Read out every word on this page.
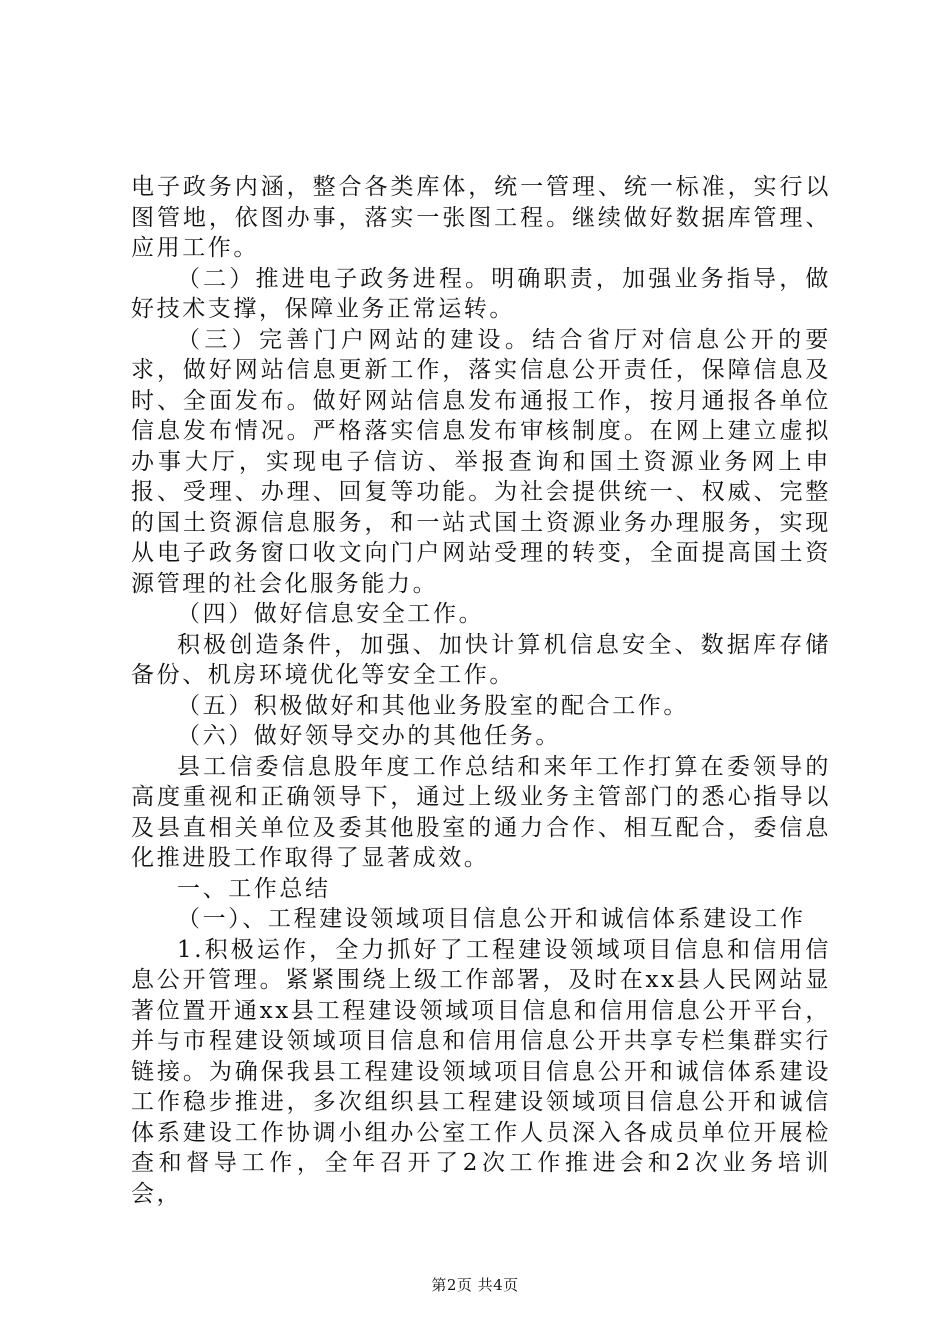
电子政务内涵，整合各类库体，统一管理、统一标准，实行以图管地，依图办事，落实一张图工程。继续做好数据库管理、应用工作。

（二）推进电子政务进程。明确职责，加强业务指导，做好技术支撑，保障业务正常运转。

（三）完善门户网站的建设。结合省厅对信息公开的要求，做好网站信息更新工作，落实信息公开责任，保障信息及时、全面发布。做好网站信息发布通报工作，按月通报各单位信息发布情况。严格落实信息发布审核制度。在网上建立虚拟办事大厅，实现电子信访、举报查询和国土资源业务网上申报、受理、办理、回复等功能。为社会提供统一、权威、完整的国土资源信息服务，和一站式国土资源业务办理服务，实现从电子政务窗口收文向门户网站受理的转变，全面提高国土资源管理的社会化服务能力。

（四）做好信息安全工作。

积极创造条件，加强、加快计算机信息安全、数据库存储备份、机房环境优化等安全工作。

（五）积极做好和其他业务股室的配合工作。

（六）做好领导交办的其他任务。

县工信委信息股年度工作总结和来年工作打算在委领导的高度重视和正确领导下，通过上级业务主管部门的悉心指导以及县直相关单位及委其他股室的通力合作、相互配合，委信息化推进股工作取得了显著成效。

一、工作总结

（一）、工程建设领域项目信息公开和诚信体系建设工作

1.积极运作，全力抓好了工程建设领域项目信息和信用信息公开管理。紧紧围绕上级工作部署，及时在xx县人民网站显著位置开通xx县工程建设领域项目信息和信用信息公开平台，并与市程建设领域项目信息和信用信息公开共享专栏集群实行链接。为确保我县工程建设领域项目信息公开和诚信体系建设工作稳步推进，多次组织县工程建设领域项目信息公开和诚信体系建设工作协调小组办公室工作人员深入各成员单位开展检查和督导工作，全年召开了2次工作推进会和2次业务培训会，

第2页 共4页
